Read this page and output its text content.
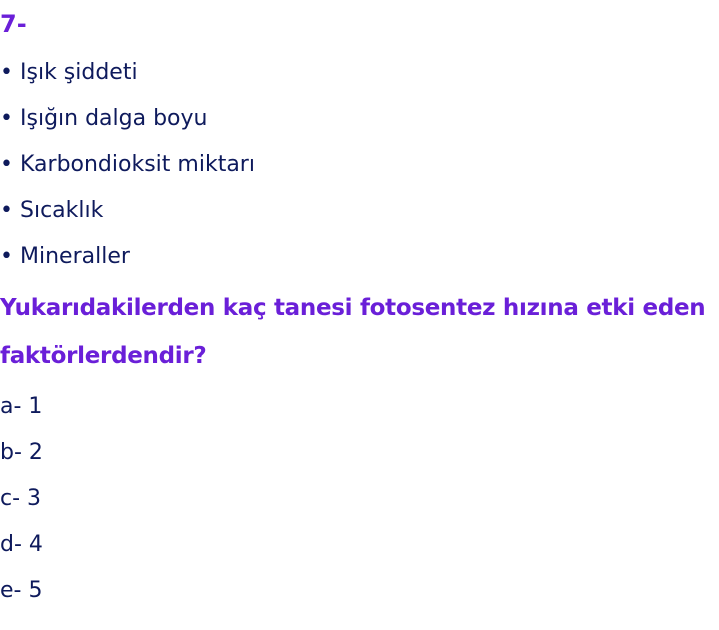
7-

• Işık şiddeti
• Işığın dalga boyu
• Karbondioksit miktarı
• Sıcaklık
• Mineraller

Yukarıdakilerden kaç tanesi fotosentez hızına etki eden faktörlerdendir?

a- 1
b- 2
c- 3
d- 4
e- 5
